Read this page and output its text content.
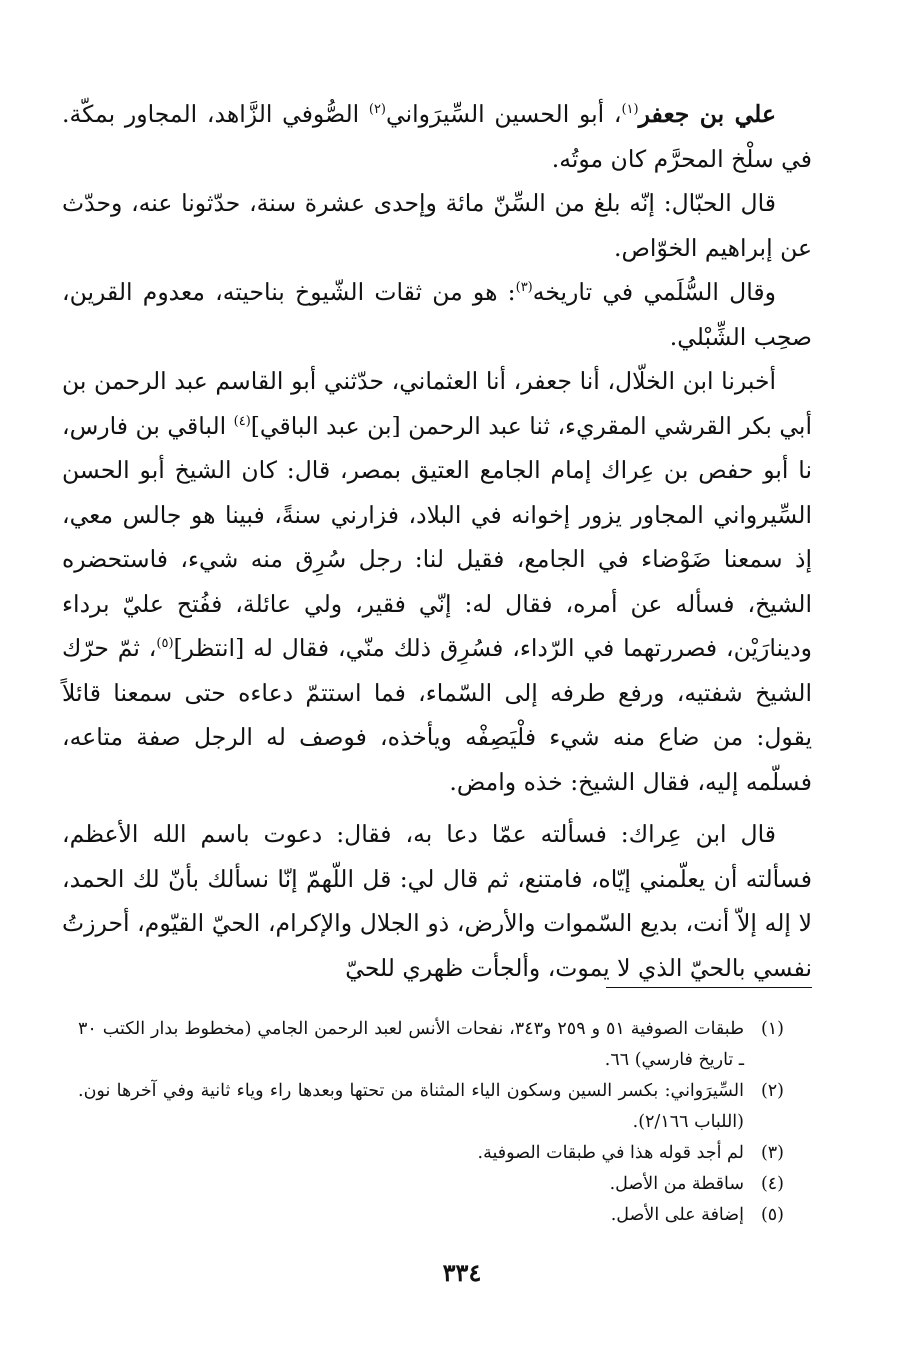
علي بن جعفر$^{(١)}$، أبو الحسين السِّيرَواني$^{(٢)}$ الصُّوفي الزَّاهد، المجاور بمكّة. في سلْخ المحرَّم كان موتُه.

قال الحبّال: إنّه بلغ من السِّنّ مائة وإحدى عشرة سنة، حدّثونا عنه، وحدّث عن إبراهيم الخوّاص.

وقال السُّلَمي في تاريخه$^{(٣)}$: هو من ثقات الشّيوخ بناحيته، معدوم القرين، صحِب الشِّبْلي.

أخبرنا ابن الخلّال، أنا جعفر، أنا العثماني، حدّثني أبو القاسم عبد الرحمن بن أبي بكر القرشي المقريء، ثنا عبد الرحمن [بن عبد الباقي]$^{(٤)}$ الباقي بن فارس، نا أبو حفص بن عِراك إمام الجامع العتيق بمصر، قال: كان الشيخ أبو الحسن السِّيرواني المجاور يزور إخوانه في البلاد، فزارني سنةً، فبينا هو جالس معي، إذ سمعنا ضَوْضاء في الجامع، فقيل لنا: رجل سُرِق منه شيء، فاستحضره الشيخ، فسأله عن أمره، فقال له: إنّي فقير، ولي عائلة، ففُتح عليّ برداء ودينارَيْن، فصررتهما في الرّداء، فسُرِق ذلك منّي، فقال له [انتظر]$^{(٥)}$، ثمّ حرّك الشيخ شفتيه، ورفع طرفه إلى السّماء، فما استتمّ دعاءه حتى سمعنا قائلاً يقول: من ضاع منه شيء فلْيَصِفْه ويأخذه، فوصف له الرجل صفة متاعه، فسلّمه إليه، فقال الشيخ: خذه وامض.

قال ابن عِراك: فسألته عمّا دعا به، فقال: دعوت باسم الله الأعظم، فسألته أن يعلّمني إيّاه، فامتنع، ثم قال لي: قل اللّهمّ إنّا نسألك بأنّ لك الحمد، لا إله إلاّ أنت، بديع السّموات والأرض، ذو الجلال والإكرام، الحيّ القيّوم، أحرزتُ نفسي بالحيّ الذي لا يموت، وألجأت ظهري للحيّ

(١)
طبقات الصوفية ٥١ و ٢٥٩ و٣٤٣، نفحات الأنس لعبد الرحمن الجامي (مخطوط بدار الكتب ٣٠ ـ تاريخ فارسي) ٦٦.
(٢)
السِّيرَواني: بكسر السين وسكون الياء المثناة من تحتها وبعدها راء وياء ثانية وفي آخرها نون. (اللباب ٢/١٦٦).
(٣)
لم أجد قوله هذا في طبقات الصوفية.
(٤)
ساقطة من الأصل.
(٥)
إضافة على الأصل.
٣٣٤
